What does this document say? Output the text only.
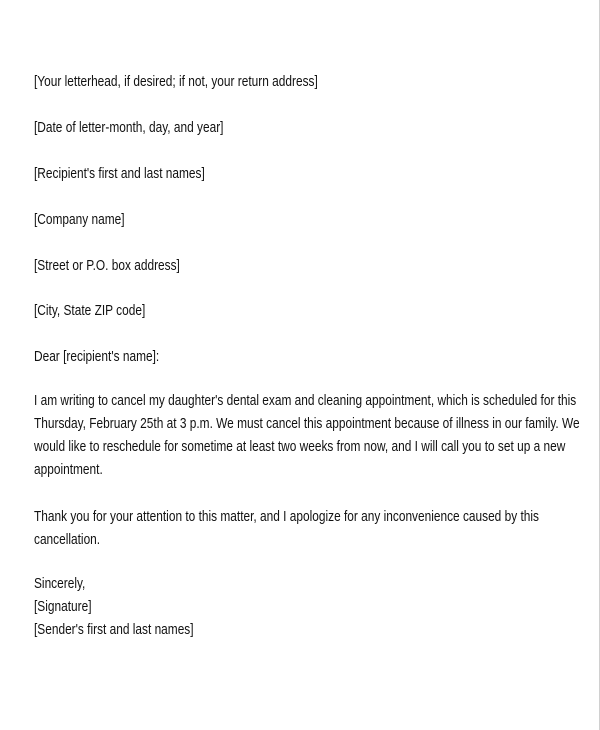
[Your letterhead, if desired; if not, your return address]
[Date of letter-month, day, and year]
[Recipient's first and last names]
[Company name]
[Street or P.O. box address]
[City, State ZIP code]
Dear [recipient's name]:
I am writing to cancel my daughter's dental exam and cleaning appointment, which is scheduled for this
Thursday, February 25th at 3 p.m. We must cancel this appointment because of illness in our family. We
would like to reschedule for sometime at least two weeks from now, and I will call you to set up a new
appointment.
Thank you for your attention to this matter, and I apologize for any inconvenience caused by this
cancellation.
Sincerely,
[Signature]
[Sender's first and last names]
